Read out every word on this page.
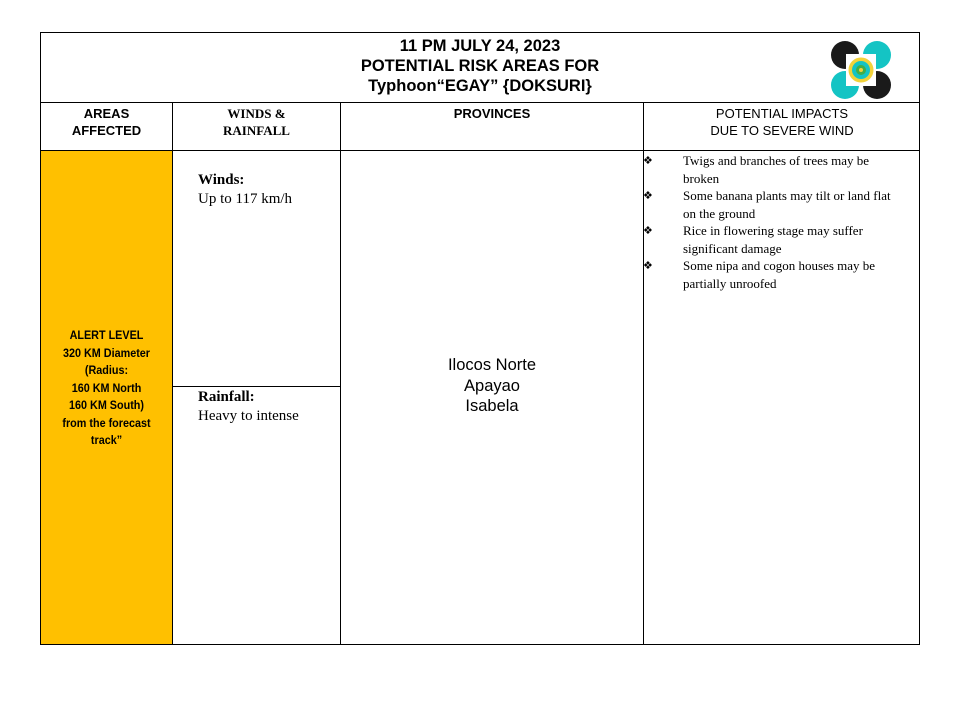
11 PM JULY 24, 2023
POTENTIAL RISK AREAS FOR
Typhoon“EGAY” {DOKSURI}
AREAS
AFFECTED
WINDS &
RAINFALL
PROVINCES	POTENTIAL IMPACTS
DUE TO SEVERE WIND
ALERT LEVEL
320 KM Diameter
(Radius:
160 KM North
160 KM South)
from the forecast
track”
Winds:
Up to 117 km/h
Rainfall:
Heavy to intense
Ilocos Norte
Apayao
Isabela
❖ Twigs and branches of trees may be
broken
❖ Some banana plants may tilt or land flat
on the ground
❖ Rice in flowering stage may suffer
significant damage
❖ Some nipa and cogon houses may be
partially unroofed
